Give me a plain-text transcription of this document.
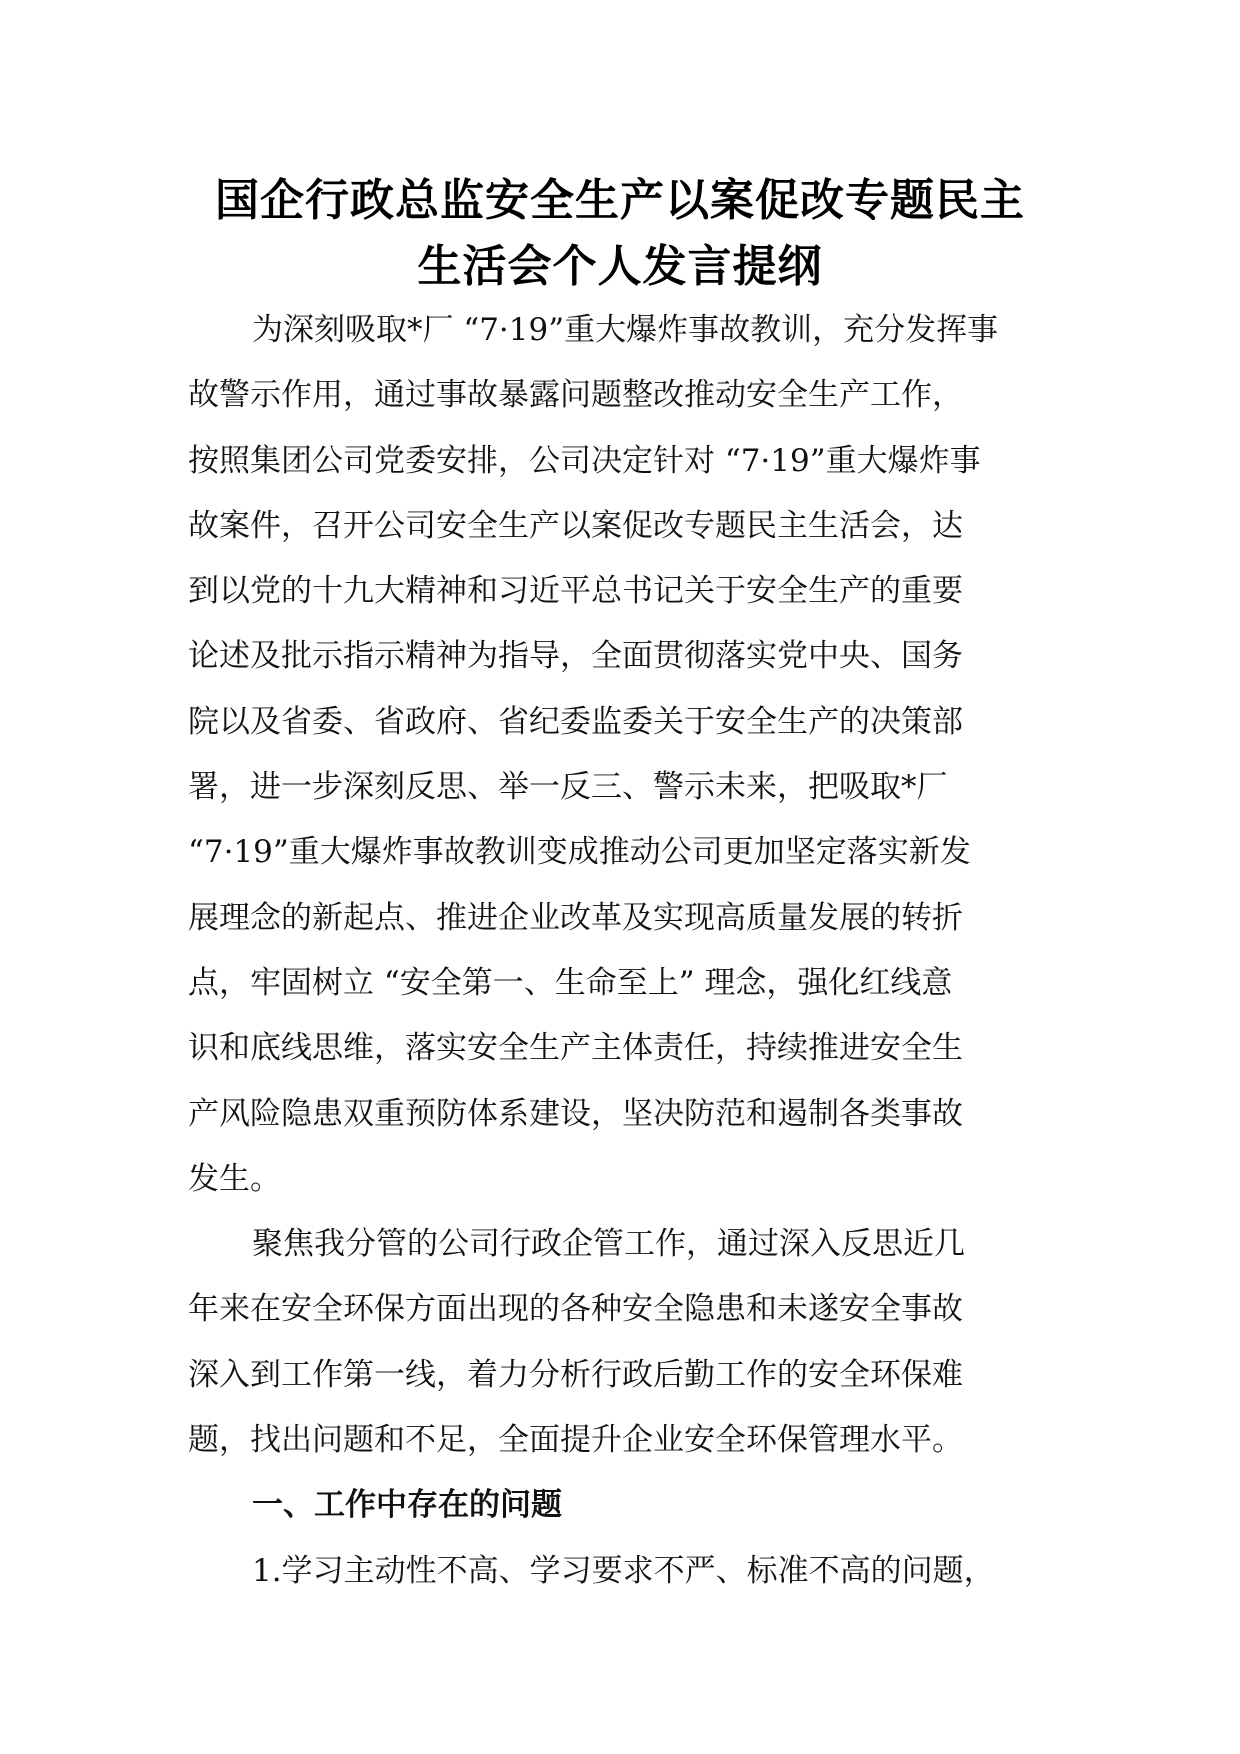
国企行政总监安全生产以案促改专题民主
生活会个人发言提纲
为深刻吸取*厂 “7·19”重大爆炸事故教训，充分发挥事
故警示作用，通过事故暴露问题整改推动安全生产工作，
按照集团公司党委安排，公司决定针对 “7·19”重大爆炸事
故案件，召开公司安全生产以案促改专题民主生活会，达
到以党的十九大精神和习近平总书记关于安全生产的重要
论述及批示指示精神为指导，全面贯彻落实党中央、国务
院以及省委、省政府、省纪委监委关于安全生产的决策部
署，进一步深刻反思、举一反三、警示未来，把吸取*厂
“7·19”重大爆炸事故教训变成推动公司更加坚定落实新发
展理念的新起点、推进企业改革及实现高质量发展的转折
点，牢固树立 “安全第一、生命至上” 理念，强化红线意
识和底线思维，落实安全生产主体责任，持续推进安全生
产风险隐患双重预防体系建设，坚决防范和遏制各类事故
发生。
聚焦我分管的公司行政企管工作，通过深入反思近几
年来在安全环保方面出现的各种安全隐患和未遂安全事故
深入到工作第一线，着力分析行政后勤工作的安全环保难
题，找出问题和不足，全面提升企业安全环保管理水平。
一、工作中存在的问题
1.学习主动性不高、学习要求不严、标准不高的问题，
